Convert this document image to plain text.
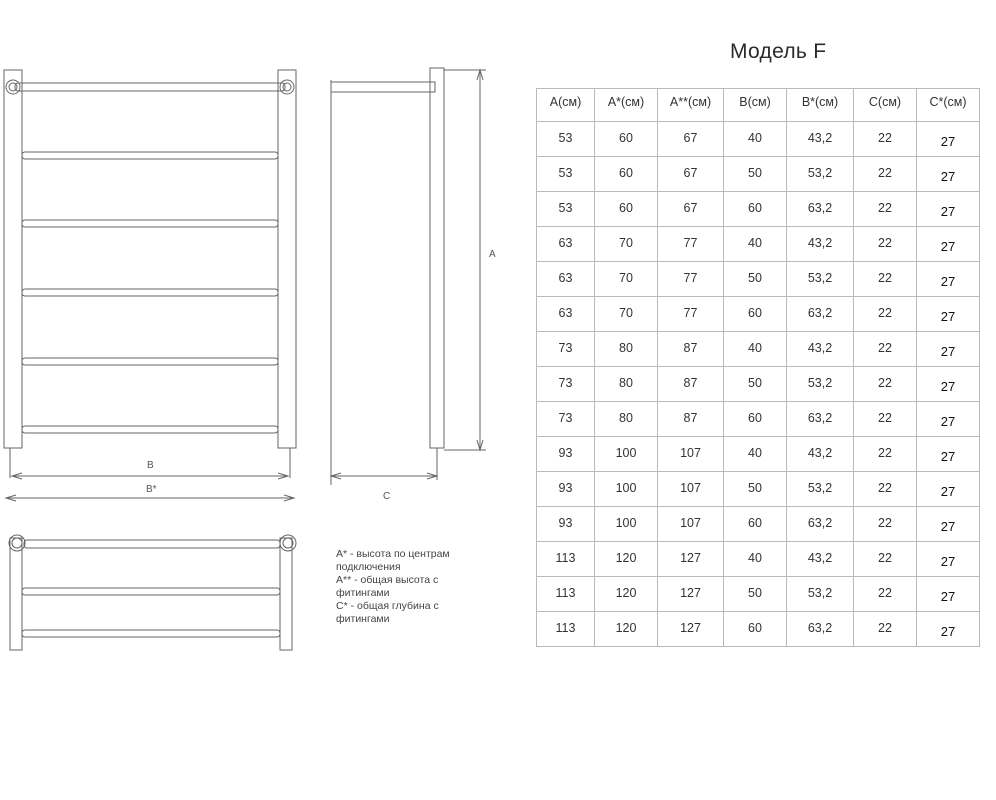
B
B*
A
C
Модель F
A* - высота по центрам
подключения
A** - общая высота с
фитингами
C* - общая глубина с
фитингами
A(см)	A*(см)	A**(см)	B(см)	B*(см)	C(см)	C*(см)
53	60	67	40	43,2	22	27
53	60	67	50	53,2	22	27
53	60	67	60	63,2	22	27
63	70	77	40	43,2	22	27
63	70	77	50	53,2	22	27
63	70	77	60	63,2	22	27
73	80	87	40	43,2	22	27
73	80	87	50	53,2	22	27
73	80	87	60	63,2	22	27
93	100	107	40	43,2	22	27
93	100	107	50	53,2	22	27
93	100	107	60	63,2	22	27
113	120	127	40	43,2	22	27
113	120	127	50	53,2	22	27
113	120	127	60	63,2	22	27
